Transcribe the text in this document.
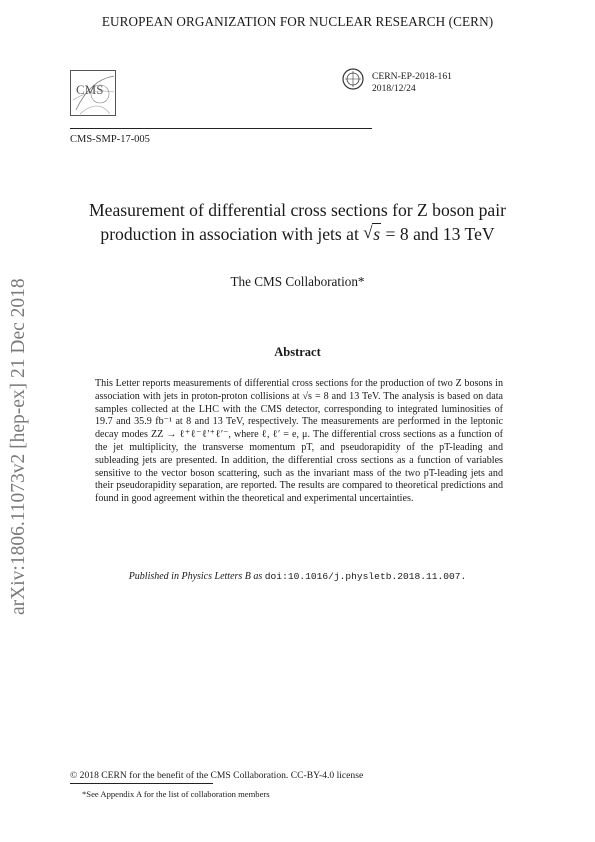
EUROPEAN ORGANIZATION FOR NUCLEAR RESEARCH (CERN)
CMS
CMS-SMP-17-005
CERN-EP-2018-161
2018/12/24
Measurement of differential cross sections for Z boson pair
production in association with jets at √ s = 8 and 13 TeV
The CMS Collaboration*
Abstract

This Letter reports measurements of differential cross sections for the production of two Z bosons in association with jets in proton-proton collisions at √s = 8 and 13 TeV. The analysis is based on data samples collected at the LHC with the CMS detector, corresponding to integrated luminosities of 19.7 and 35.9 fb⁻¹ at 8 and 13 TeV, respectively. The measurements are performed in the leptonic decay modes ZZ → ℓ⁺ℓ⁻ℓ′⁺ℓ′⁻, where ℓ, ℓ′ = e, μ. The differential cross sections as a function of the jet multiplicity, the transverse momentum pT, and pseudorapidity of the pT-leading and subleading jets are presented. In addition, the differential cross sections as a function of variables sensitive to the vector boson scattering, such as the invariant mass of the two pT-leading jets and their pseudorapidity separation, are reported. The results are compared to theoretical predictions and found in good agreement within the theoretical and experimental uncertainties.

Published in Physics Letters B as doi:10.1016/j.physletb.2018.11.007.
arXiv:1806.11073v2 [hep-ex] 21 Dec 2018
© 2018 CERN for the benefit of the CMS Collaboration. CC-BY-4.0 license
*See Appendix A for the list of collaboration members
